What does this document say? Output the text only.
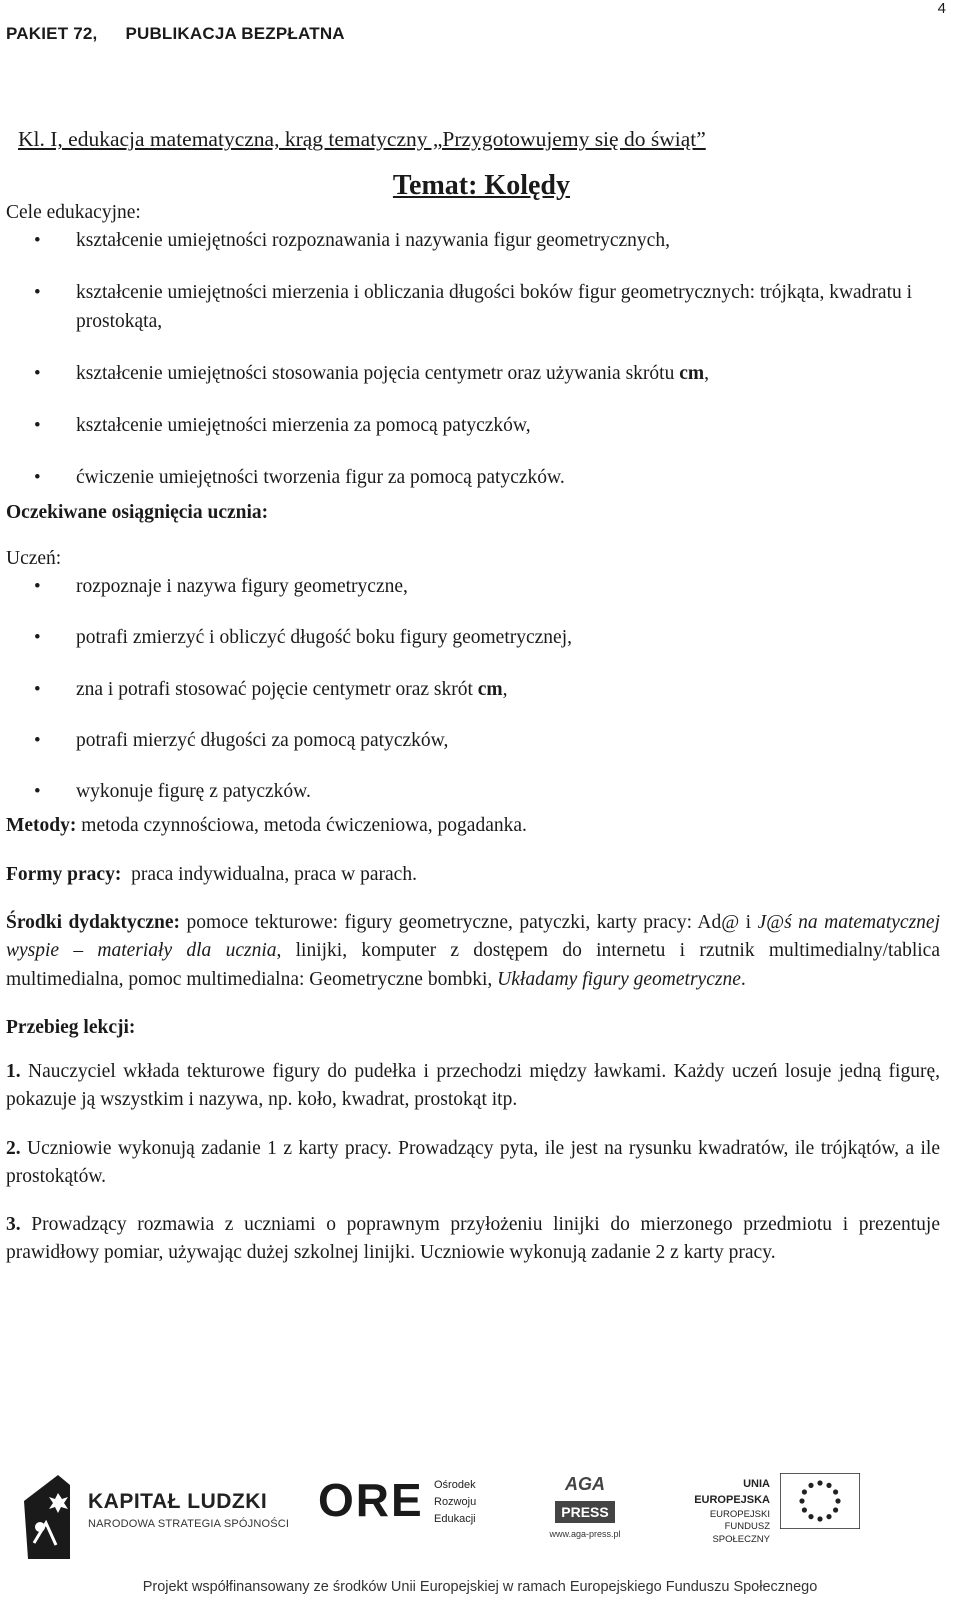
4
PAKIET 72, PUBLIKACJA BEZPŁATNA

Kl. I, edukacja matematyczna, krąg tematyczny „Przygotowujemy się do świąt”

Temat: Kolędy

Cele edukacyjne:

• kształcenie umiejętności rozpoznawania i nazywania figur geometrycznych,
• kształcenie umiejętności mierzenia i obliczania długości boków figur geometrycznych: trójkąta, kwadratu i prostokąta,
• kształcenie umiejętności stosowania pojęcia centymetr oraz używania skrótu cm,
• kształcenie umiejętności mierzenia za pomocą patyczków,
• ćwiczenie umiejętności tworzenia figur za pomocą patyczków.

Oczekiwane osiągnięcia ucznia:

Uczeń:

• rozpoznaje i nazywa figury geometryczne,
• potrafi zmierzyć i obliczyć długość boku figury geometrycznej,
• zna i potrafi stosować pojęcie centymetr oraz skrót cm,
• potrafi mierzyć długości za pomocą patyczków,
• wykonuje figurę z patyczków.

Metody: metoda czynnościowa, metoda ćwiczeniowa, pogadanka.

Formy pracy:  praca indywidualna, praca w parach.

Środki dydaktyczne: pomoce tekturowe: figury geometryczne, patyczki, karty pracy: Ad@ i J@ś na matematycznej wyspie – materiały dla ucznia, linijki, komputer z dostępem do internetu i rzutnik multimedialny/tablica multimedialna, pomoc multimedialna: Geometryczne bombki, Układamy figury geometryczne.

Przebieg lekcji:

1. Nauczyciel wkłada tekturowe figury do pudełka i przechodzi między ławkami. Każdy uczeń losuje jedną figurę, pokazuje ją wszystkim i nazywa, np. koło, kwadrat, prostokąt itp.

2. Uczniowie wykonują zadanie 1 z karty pracy. Prowadzący pyta, ile jest na rysunku kwadratów, ile trójkątów, a ile prostokątów.

3. Prowadzący rozmawia z uczniami o poprawnym przyłożeniu linijki do mierzonego przedmiotu i prezentuje prawidłowy pomiar, używając dużej szkolnej linijki. Uczniowie wykonują zadanie 2 z karty pracy.

KAPITAŁ LUDZKI
NARODOWA STRATEGIA SPÓJNOŚCI ORE Ośrodek
Rozwoju
Edukacji
AGA
PRESS
www.aga-press.pl
UNIA EUROPEJSKA
EUROPEJSKI
FUNDUSZ SPOŁECZNY
Projekt współfinansowany ze środków Unii Europejskiej w ramach Europejskiego Funduszu Społecznego
